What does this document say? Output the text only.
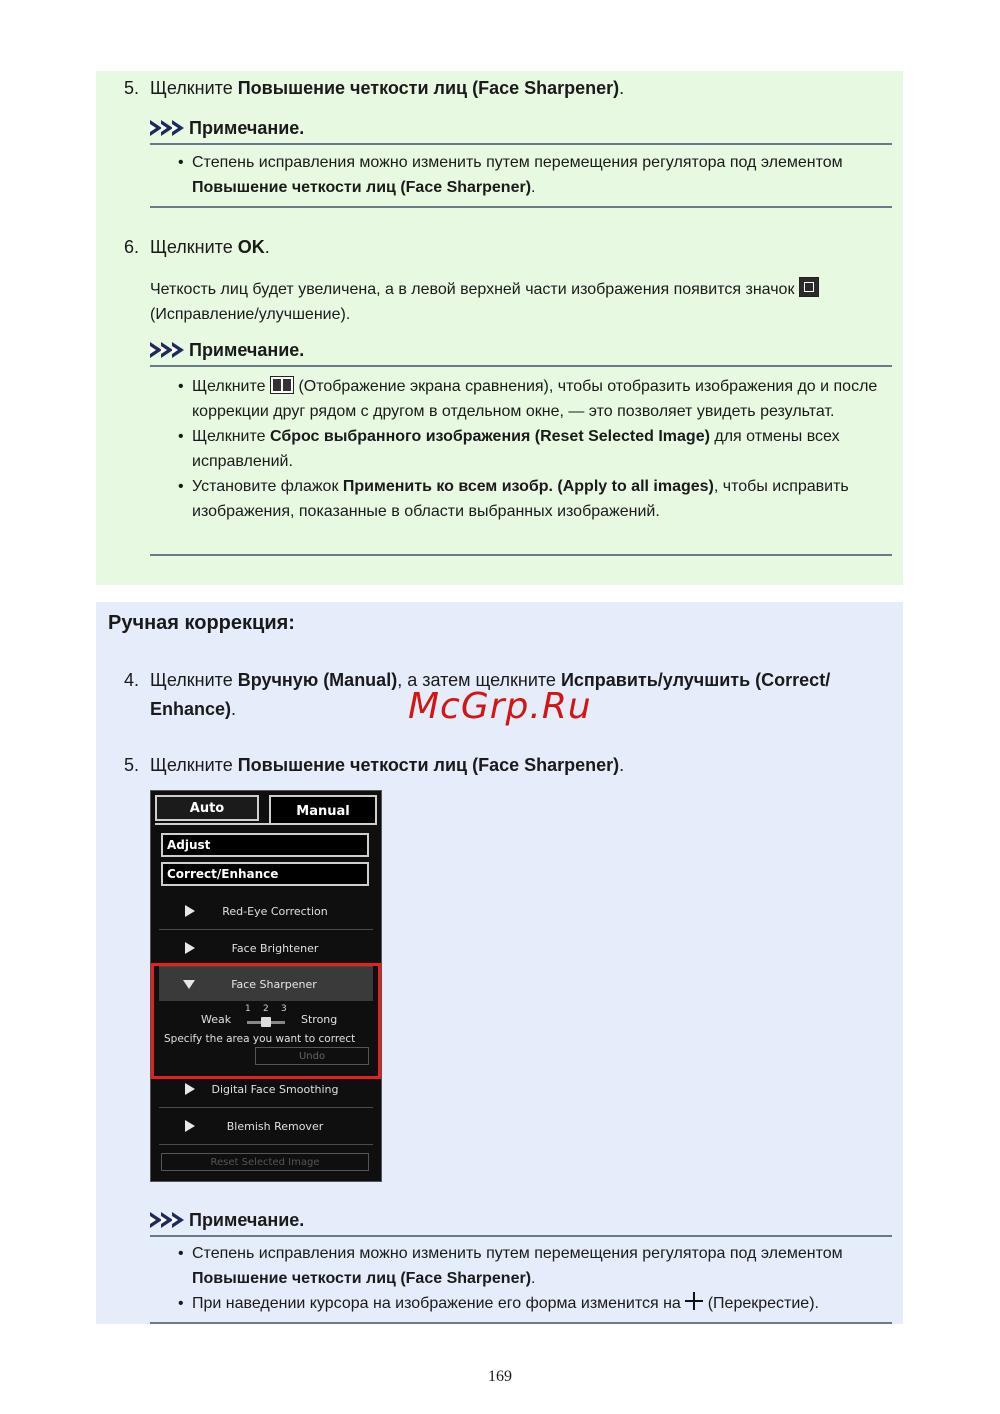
5. Щелкните Повышение четкости лиц (Face Sharpener).
Примечание.
• Степень исправления можно изменить путем перемещения регулятора под элементом Повышение четкости лиц (Face Sharpener).
6. Щелкните OK.
Четкость лиц будет увеличена, а в левой верхней части изображения появится значок
(Исправление/улучшение).
Примечание.
• Щелкните (Отображение экрана сравнения), чтобы отобразить изображения до и после коррекции друг рядом с другом в отдельном окне, — это позволяет увидеть результат.
• Щелкните Сброс выбранного изображения (Reset Selected Image) для отмены всех исправлений.
• Установите флажок Применить ко всем изобр. (Apply to all images), чтобы исправить изображения, показанные в области выбранных изображений.
Ручная коррекция:
4. Щелкните Вручную (Manual), а затем щелкните Исправить/улучшить (Correct/
Enhance).	McGrp.Ru
5. Щелкните Повышение четкости лиц (Face Sharpener).
Auto	Manual
Adjust
Correct/Enhance
Red-Eye Correction
Face Brightener
Face Sharpener
1 2 3
Weak	Strong
Specify the area you want to correct
Undo
Digital Face Smoothing
Blemish Remover
Reset Selected Image
Примечание.
• Степень исправления можно изменить путем перемещения регулятора под элементом Повышение четкости лиц (Face Sharpener).
• При наведении курсора на изображение его форма изменится на (Перекрестие).
169
